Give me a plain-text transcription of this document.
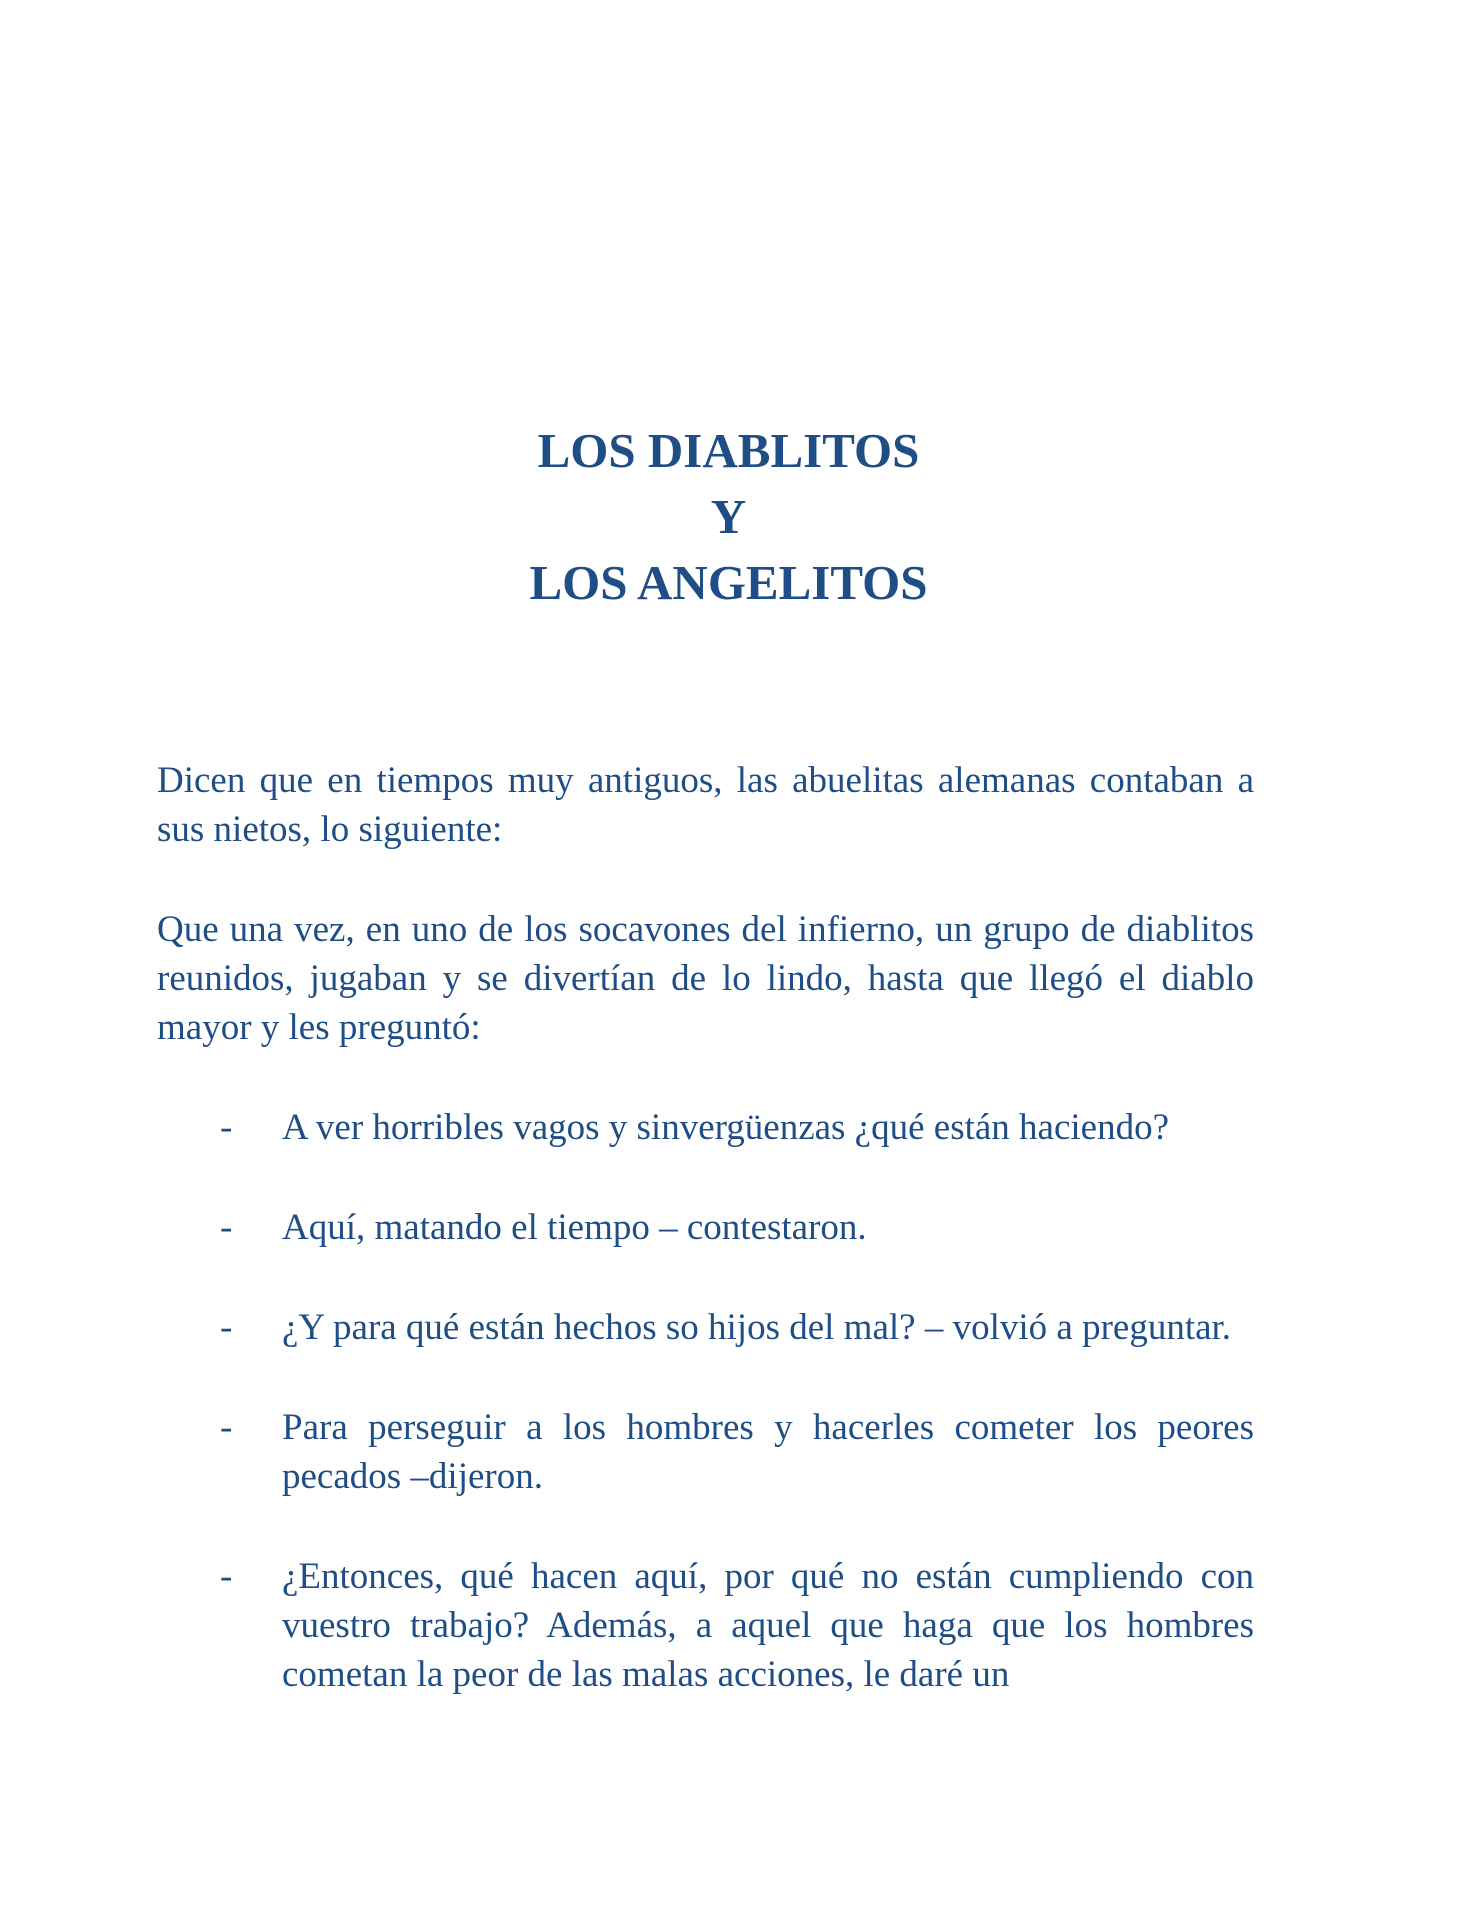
LOS DIABLITOS
Y
LOS ANGELITOS

Dicen que en tiempos muy antiguos, las abuelitas alemanas contaban a sus nietos, lo siguiente:

Que una vez, en uno de los socavones del infierno, un grupo de diablitos reunidos, jugaban y se divertían de lo lindo, hasta que llegó el diablo mayor y les preguntó:

- A ver horribles vagos y sinvergüenzas ¿qué están haciendo?
- Aquí, matando el tiempo – contestaron.
- ¿Y para qué están hechos so hijos del mal? – volvió a preguntar.
- Para perseguir a los hombres y hacerles cometer los peores pecados –dijeron.
- ¿Entonces, qué hacen aquí, por qué no están cumpliendo con vuestro trabajo? Además, a aquel que haga que los hombres cometan la peor de las malas acciones, le daré un
